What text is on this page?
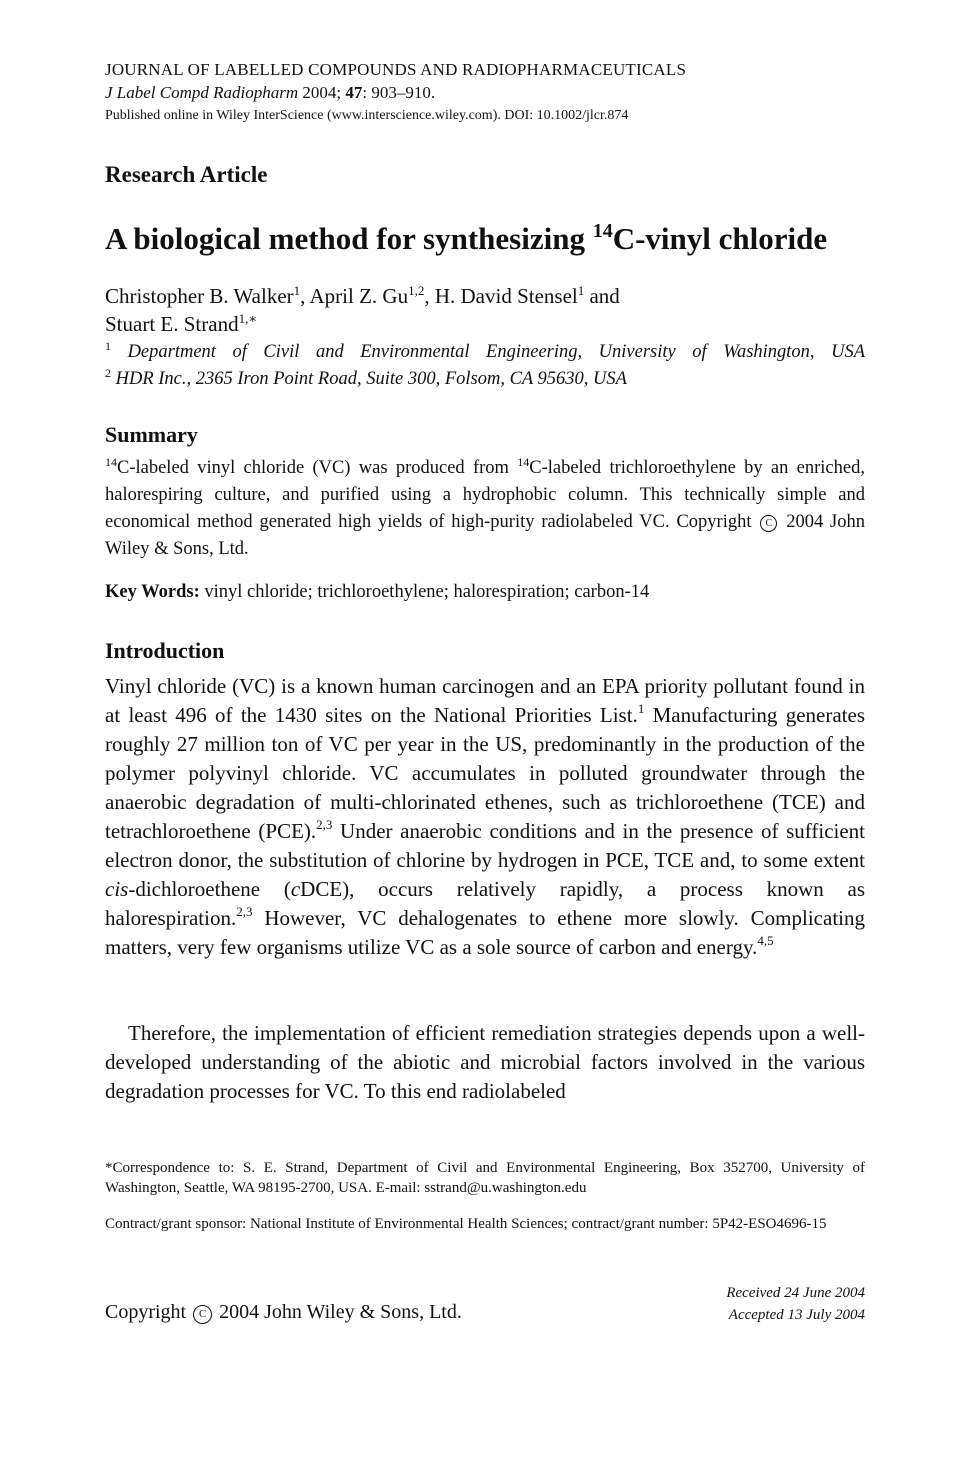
JOURNAL OF LABELLED COMPOUNDS AND RADIOPHARMACEUTICALS
J Label Compd Radiopharm 2004; 47: 903–910.
Published online in Wiley InterScience (www.interscience.wiley.com). DOI: 10.1002/jlcr.874
Research Article
A biological method for synthesizing $^{14}$C-vinyl chloride
Christopher B. Walker$^1$, April Z. Gu$^{1,2}$, H. David Stensel$^1$ and
Stuart E. Strand$^{1,∗}$
$^1$ Department of Civil and Environmental Engineering, University of Washington, USA
$^2$ HDR Inc., 2365 Iron Point Road, Suite 300, Folsom, CA 95630, USA
Summary
$^{14}$C-labeled vinyl chloride (VC) was produced from $^{14}$C-labeled trichloroethylene by an enriched, halorespiring culture, and purified using a hydrophobic column. This technically simple and economical method generated high yields of high-purity radiolabeled VC. Copyright C 2004 John Wiley & Sons, Ltd.
Key Words: vinyl chloride; trichloroethylene; halorespiration; carbon-14
Introduction
Vinyl chloride (VC) is a known human carcinogen and an EPA priority pollutant found in at least 496 of the 1430 sites on the National Priorities List.$^1$ Manufacturing generates roughly 27 million ton of VC per year in the US, predominantly in the production of the polymer polyvinyl chloride. VC accumulates in polluted groundwater through the anaerobic degradation of multi-chlorinated ethenes, such as trichloroethene (TCE) and tetrachloroethene (PCE).$^{2,3}$ Under anaerobic conditions and in the presence of sufficient electron donor, the substitution of chlorine by hydrogen in PCE, TCE and, to some extent cis-dichloroethene (cDCE), occurs relatively rapidly, a process known as halorespiration.$^{2,3}$ However, VC dehalogenates to ethene more slowly. Complicating matters, very few organisms utilize VC as a sole source of carbon and energy.$^{4,5}$
Therefore, the implementation of efficient remediation strategies depends upon a well-developed understanding of the abiotic and microbial factors involved in the various degradation processes for VC. To this end radiolabeled
*Correspondence to: S. E. Strand, Department of Civil and Environmental Engineering, Box 352700, University of Washington, Seattle, WA 98195-2700, USA. E-mail: sstrand@u.washington.edu
Contract/grant sponsor: National Institute of Environmental Health Sciences; contract/grant number: 5P42-ESO4696-15
Copyright C 2004 John Wiley & Sons, Ltd.
Received 24 June 2004
Accepted 13 July 2004
